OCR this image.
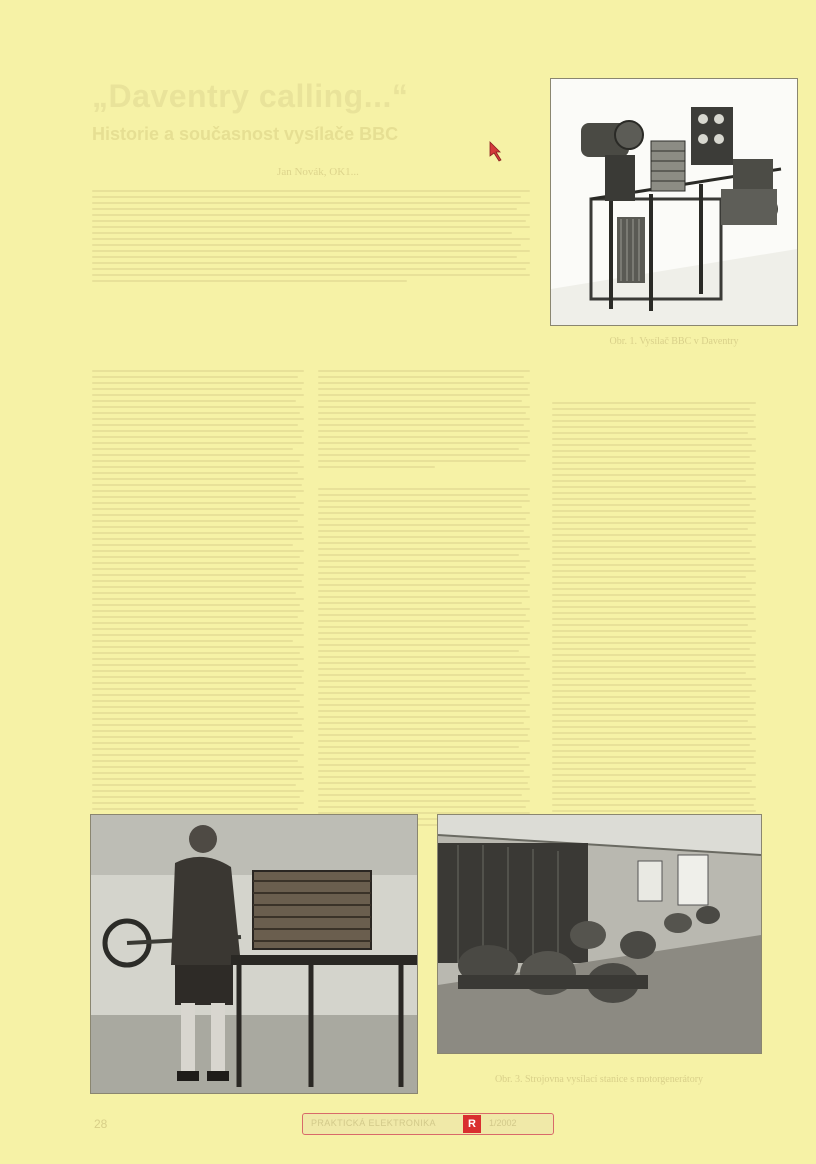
„Daventry calling...“
Historie a současnost vysílače BBC
Jan Novák, OK1...
Obr. 1. Vysílač BBC v Daventry
Obr. 3. Strojovna vysílací stanice s motorgenerátory
28	PRAKTICKÁ ELEKTRONIKA	R	1/2002
